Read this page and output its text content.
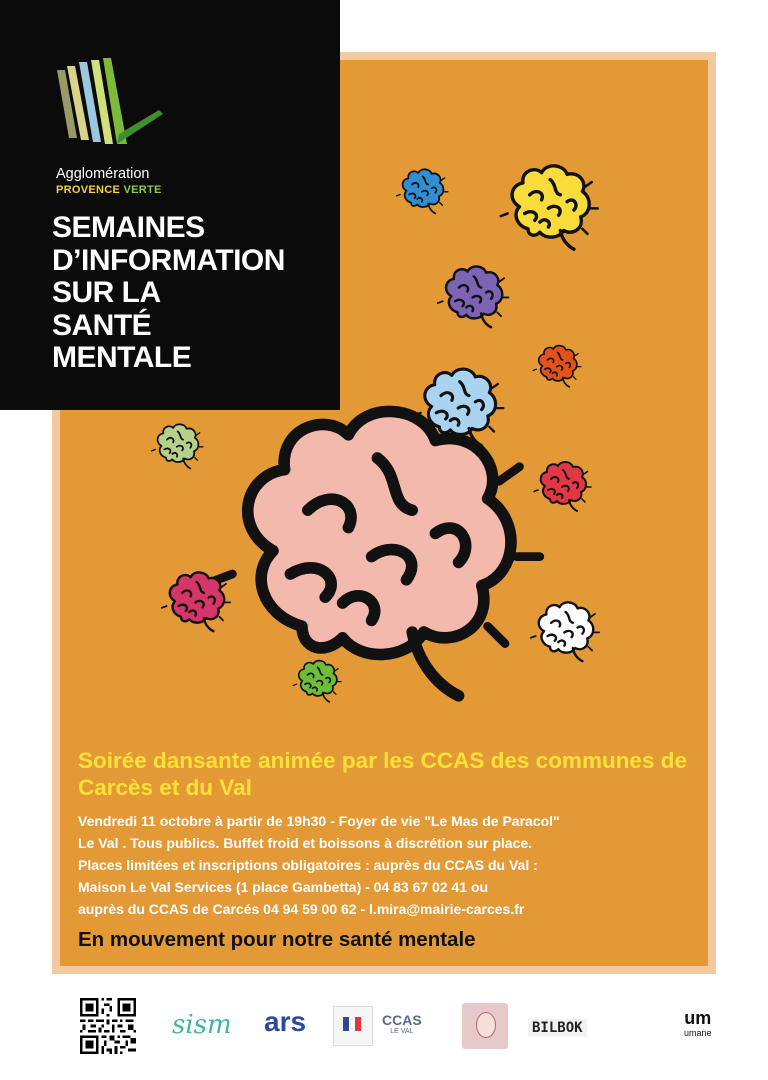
Agglomération
PROVENCE VERTE
SEMAINES
D’INFORMATION
SUR LA
SANTÉ
MENTALE
Soirée dansante animée par les CCAS des communes de Carcès et du Val
Vendredi 11 octobre à partir de 19h30 - Foyer de vie "Le Mas de Paracol"
Le Val . Tous publics. Buffet froid et boissons à discrétion sur place.
Places limitées et inscriptions obligatoires : auprès du CCAS du Val :
Maison Le Val Services (1 place Gambetta) - 04 83 67 02 41 ou
auprès du CCAS de Carcés 04 94 59 00 62 - l.mira@mairie-carces.fr
En mouvement pour notre santé mentale
sism ars	CCAS
LE VAL	BILBOK	um
umane
